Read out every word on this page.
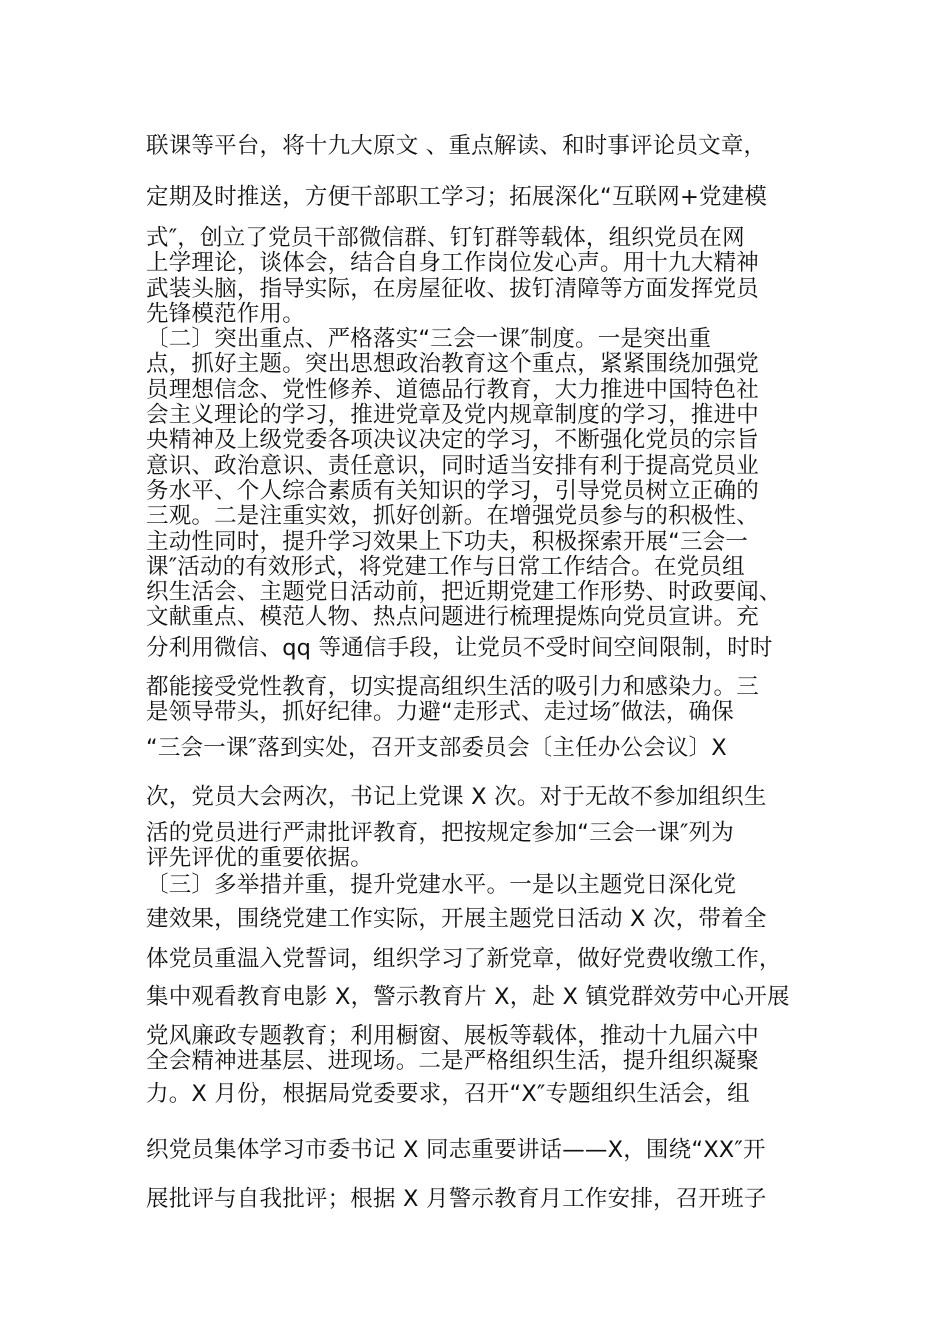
联课等平台，将十九大原文 、重点解读、和时事评论员文章，
定期及时推送，方便干部职工学习；拓展深化“互联网+党建模
式″，创立了党员干部微信群、钉钉群等载体，组织党员在网
上学理论，谈体会，结合自身工作岗位发心声。用十九大精神
武装头脑，指导实际，在房屋征收、拔钉清障等方面发挥党员
先锋模范作用。
〔二〕突出重点、严格落实“三会一课″制度。一是突出重
点，抓好主题。突出思想政治教育这个重点，紧紧围绕加强党
员理想信念、党性修养、道德品行教育，大力推进中国特色社
会主义理论的学习，推进党章及党内规章制度的学习，推进中
央精神及上级党委各项决议决定的学习，不断强化党员的宗旨
意识、政治意识、责任意识，同时适当安排有利于提高党员业
务水平、个人综合素质有关知识的学习，引导党员树立正确的
三观。二是注重实效，抓好创新。在增强党员参与的积极性、
主动性同时，提升学习效果上下功夫，积极探索开展“三会一
课″活动的有效形式，将党建工作与日常工作结合。在党员组
织生活会、主题党日活动前，把近期党建工作形势、时政要闻、
文献重点、模范人物、热点问题进行梳理提炼向党员宣讲。充
分利用微信、qq 等通信手段，让党员不受时间空间限制，时时
都能接受党性教育，切实提高组织生活的吸引力和感染力。三
是领导带头，抓好纪律。力避“走形式、走过场″做法，确保
“三会一课″落到实处，召开支部委员会〔主任办公会议〕X
次，党员大会两次，书记上党课 X 次。对于无故不参加组织生
活的党员进行严肃批评教育，把按规定参加“三会一课″列为
评先评优的重要依据。
〔三〕多举措并重，提升党建水平。一是以主题党日深化党
建效果，围绕党建工作实际，开展主题党日活动 X 次，带着全
体党员重温入党誓词，组织学习了新党章，做好党费收缴工作，
集中观看教育电影 X，警示教育片 X，赴 X 镇党群效劳中心开展
党风廉政专题教育；利用橱窗、展板等载体，推动十九届六中
全会精神进基层、进现场。二是严格组织生活，提升组织凝聚
力。X 月份，根据局党委要求，召开“X″专题组织生活会，组
织党员集体学习市委书记 X 同志重要讲话——X，围绕“XX″开
展批评与自我批评；根据 X 月警示教育月工作安排，召开班子
